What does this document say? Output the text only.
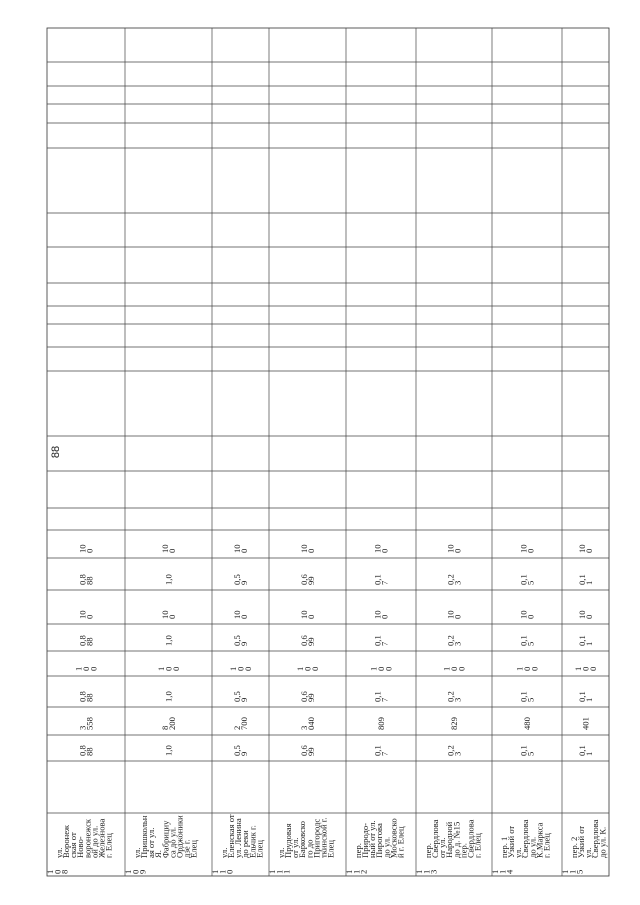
88
1
0
8
ул.
Воронеж
ская от
Ново-
воронежск
ой до ул.
Железнова
г. Елец
0,8
88
3
558
0,8
88
1
0
0
0,8
88
10
0
0,8
88
10
0
1
0
9
ул.
Пришкольн
ая от ул.
Я.
Фабрициу
са до ул.
Орджоники
дзе г.
Елец
1,0
8
200
1,0
1
0
0
1,0
10
0
1,0
10
0
1
1
0
ул.
Еленская от
ул. Ленина
до реки
Ельчик г.
Елец
0,5
9
2
700
0,5
9
1
0
0
0,5
9
10
0
0,5
9
10
0
1
1
1
ул.
Прудовая
от ул.
Барковско
го до
Пригородс
ткинской г.
Елец
0,6
99
3
040
0,6
99
1
0
0
0,6
99
10
0
0,6
99
10
0
1
1
2
пер.
Природо-
ный от ул.
Пирогова
до ул.
Московско
й г. Елец
0,1
7
809
0,1
7
1
0
0
0,1
7
10
0
0,1
7
10
0
1
1
3
пер.
Свердлова
от ул.
Народной
до д. №15
пер.
Свердлова
г. Елец
0,2
3
829
0,2
3
1
0
0
0,2
3
10
0
0,2
3
10
0
1
1
4
пер. 1
Узкий от
ул.
Свердлова
до ул.
К.Маркса
г. Елец
0,1
5
480
0,1
5
1
0
0
0,1
5
10
0
0,1
5
10
0
1
1
5
пер. 2
Узкий от
ул.
Свердлова
до ул. К.
0,1
1
401
0,1
1
1
0
0
0,1
1
10
0
0,1
1
10
0
